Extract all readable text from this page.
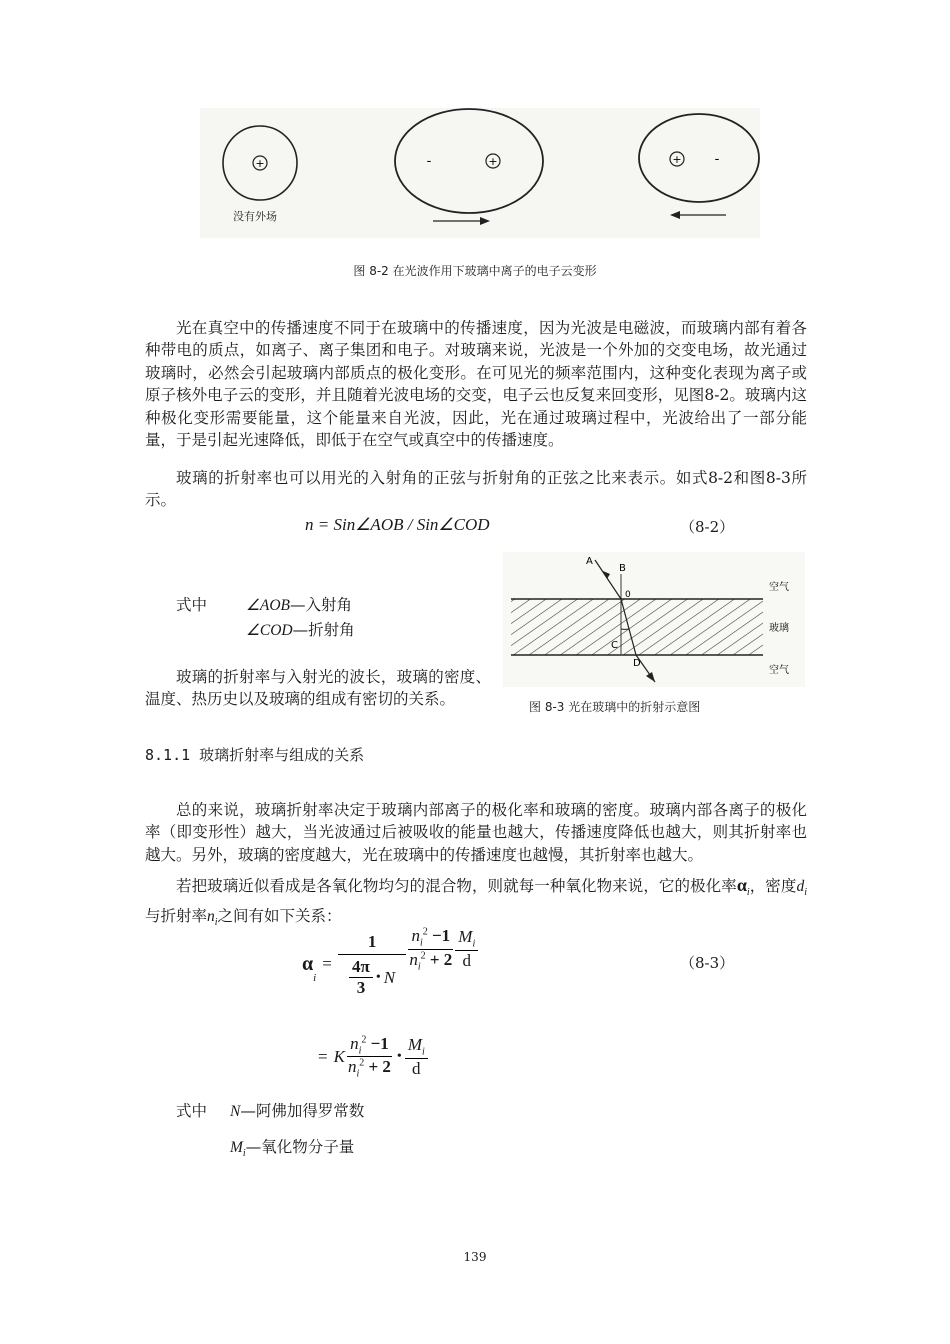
+
没有外场
-	+	+	-
图 8-2 在光波作用下玻璃中离子的电子云变形

光在真空中的传播速度不同于在玻璃中的传播速度，因为光波是电磁波，而玻璃内部有着各种带电的质点，如离子、离子集团和电子。对玻璃来说，光波是一个外加的交变电场，故光通过玻璃时，必然会引起玻璃内部质点的极化变形。在可见光的频率范围内，这种变化表现为离子或原子核外电子云的变形，并且随着光波电场的交变，电子云也反复来回变形，见图8-2。玻璃内这种极化变形需要能量，这个能量来自光波，因此，光在通过玻璃过程中，光波给出了一部分能量，于是引起光速降低，即低于在空气或真空中的传播速度。

玻璃的折射率也可以用光的入射角的正弦与折射角的正弦之比来表示。如式8-2和图8-3所示。

n = Sin∠AOB / Sin∠COD	（8-2）
式中	∠AOB—入射角
∠COD—折射角

玻璃的折射率与入射光的波长，玻璃的密度、温度、热历史以及玻璃的组成有密切的关系。

A
B
0
C
D
空气
玻璃
空气
图 8-3 光在玻璃中的折射示意图
8.1.1 玻璃折射率与组成的关系

总的来说，玻璃折射率决定于玻璃内部离子的极化率和玻璃的密度。玻璃内部各离子的极化率（即变形性）越大，当光波通过后被吸收的能量也越大，传播速度降低也越大，则其折射率也越大。另外，玻璃的密度越大，光在玻璃中的传播速度也越慢，其折射率也越大。

若把玻璃近似看成是各氧化物均匀的混合物，则就每一种氧化物来说，它的极化率$\alpha_i$，密度$d_i$与折射率$n_i$之间有如下关系：

α
$_i$
= $\frac{1}{\frac{4\pi}{3} • N} \frac{n_i^2 -1}{n_i^2 + 2} \frac{M_i}{d}$	（8-3）
= K $\frac{n_i^2 -1}{n_i^2 + 2}$ • $\frac{M_i}{d}$
式中 N—阿佛加得罗常数
$M_i—$氧化物分子量
139
